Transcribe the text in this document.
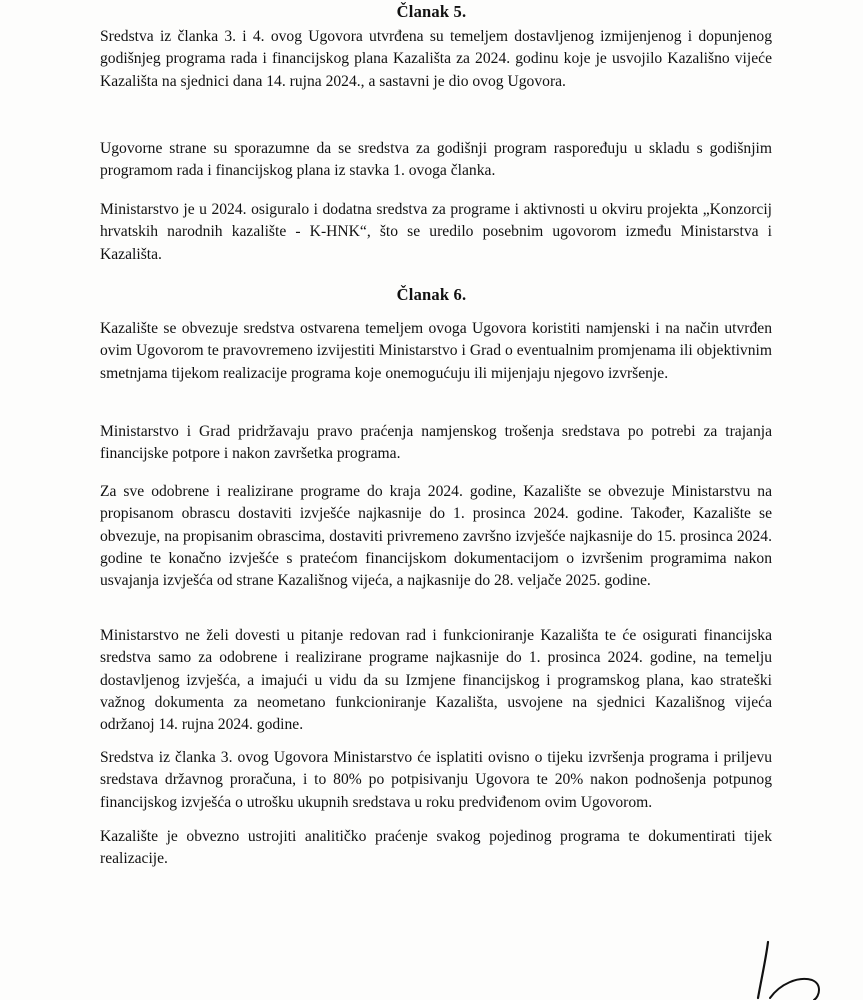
Članak 5.

Sredstva iz članka 3. i 4. ovog Ugovora utvrđena su temeljem dostavljenog izmijenjenog i dopunjenog godišnjeg programa rada i financijskog plana Kazališta za 2024. godinu koje je usvojilo Kazališno vijeće Kazališta na sjednici dana 14. rujna 2024., a sastavni je dio ovog Ugovora.

Ugovorne strane su sporazumne da se sredstva za godišnji program raspoređuju u skladu s godišnjim programom rada i financijskog plana iz stavka 1. ovoga članka.

Ministarstvo je u 2024. osiguralo i dodatna sredstva za programe i aktivnosti u okviru projekta „Konzorcij hrvatskih narodnih kazalište - K-HNK“, što se uredilo posebnim ugovorom između Ministarstva i Kazališta.

Članak 6.

Kazalište se obvezuje sredstva ostvarena temeljem ovoga Ugovora koristiti namjenski i na način utvrđen ovim Ugovorom te pravovremeno izvijestiti Ministarstvo i Grad o eventualnim promjenama ili objektivnim smetnjama tijekom realizacije programa koje onemogućuju ili mijenjaju njegovo izvršenje.

Ministarstvo i Grad pridržavaju pravo praćenja namjenskog trošenja sredstava po potrebi za trajanja financijske potpore i nakon završetka programa.

Za sve odobrene i realizirane programe do kraja 2024. godine, Kazalište se obvezuje Ministarstvu na propisanom obrascu dostaviti izvješće najkasnije do 1. prosinca 2024. godine. Također, Kazalište se obvezuje, na propisanim obrascima, dostaviti privremeno završno izvješće najkasnije do 15. prosinca 2024. godine te konačno izvješće s pratećom financijskom dokumentacijom o izvršenim programima nakon usvajanja izvješća od strane Kazališnog vijeća, a najkasnije do 28. veljače 2025. godine.

Ministarstvo ne želi dovesti u pitanje redovan rad i funkcioniranje Kazališta te će osigurati financijska sredstva samo za odobrene i realizirane programe najkasnije do 1. prosinca 2024. godine, na temelju dostavljenog izvješća, a imajući u vidu da su Izmjene financijskog i programskog plana, kao strateški važnog dokumenta za neometano funkcioniranje Kazališta, usvojene na sjednici Kazališnog vijeća održanoj 14. rujna 2024. godine.

Sredstva iz članka 3. ovog Ugovora Ministarstvo će isplatiti ovisno o tijeku izvršenja programa i priljevu sredstava državnog proračuna, i to 80% po potpisivanju Ugovora te 20% nakon podnošenja potpunog financijskog izvješća o utrošku ukupnih sredstava u roku predviđenom ovim Ugovorom.

Kazalište je obvezno ustrojiti analitičko praćenje svakog pojedinog programa te dokumentirati tijek realizacije.
